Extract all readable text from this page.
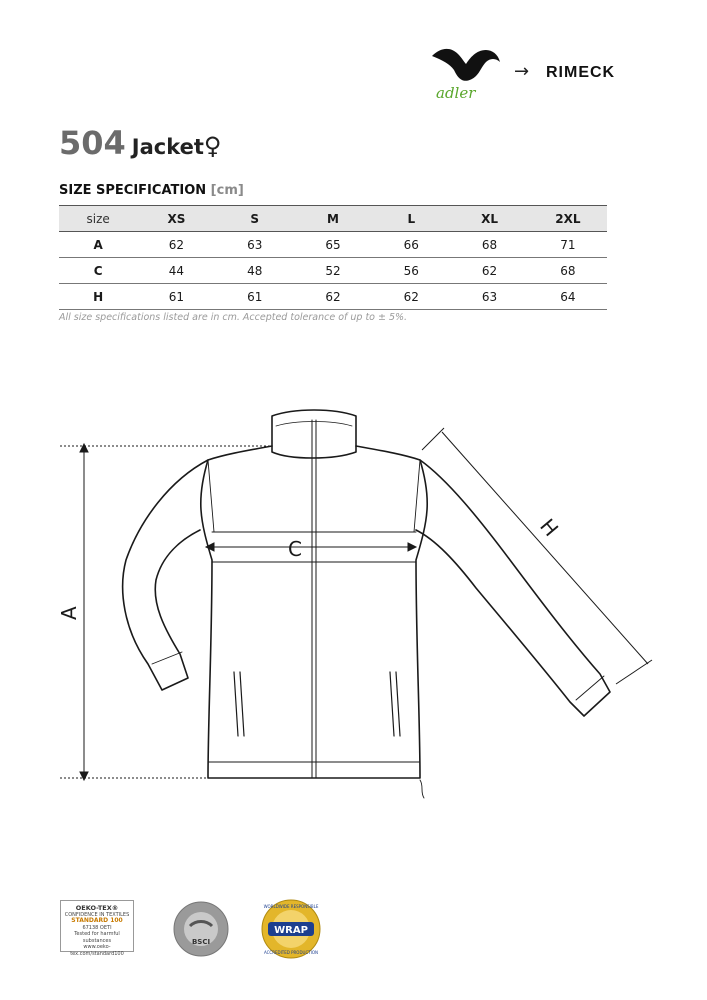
adler
→ RIMECK
504 Jacket♀
SIZE SPECIFICATION [cm]
size	XS	S	M	L	XL	2XL
A	62	63	65	66	68	71
C	44	48	52	56	62	68
H	61	61	62	62	63	64
All size specifications listed are in cm. Accepted tolerance of up to ± 5%.
A
C
H
OEKO-TEX®
CONFIDENCE IN TEXTILES
STANDARD 100
67138 OETI
Tested for harmful substances
www.oeko-tex.com/standard100
BSCI
WRAP
WORLDWIDE RESPONSIBLE
ACCREDITED PRODUCTION
